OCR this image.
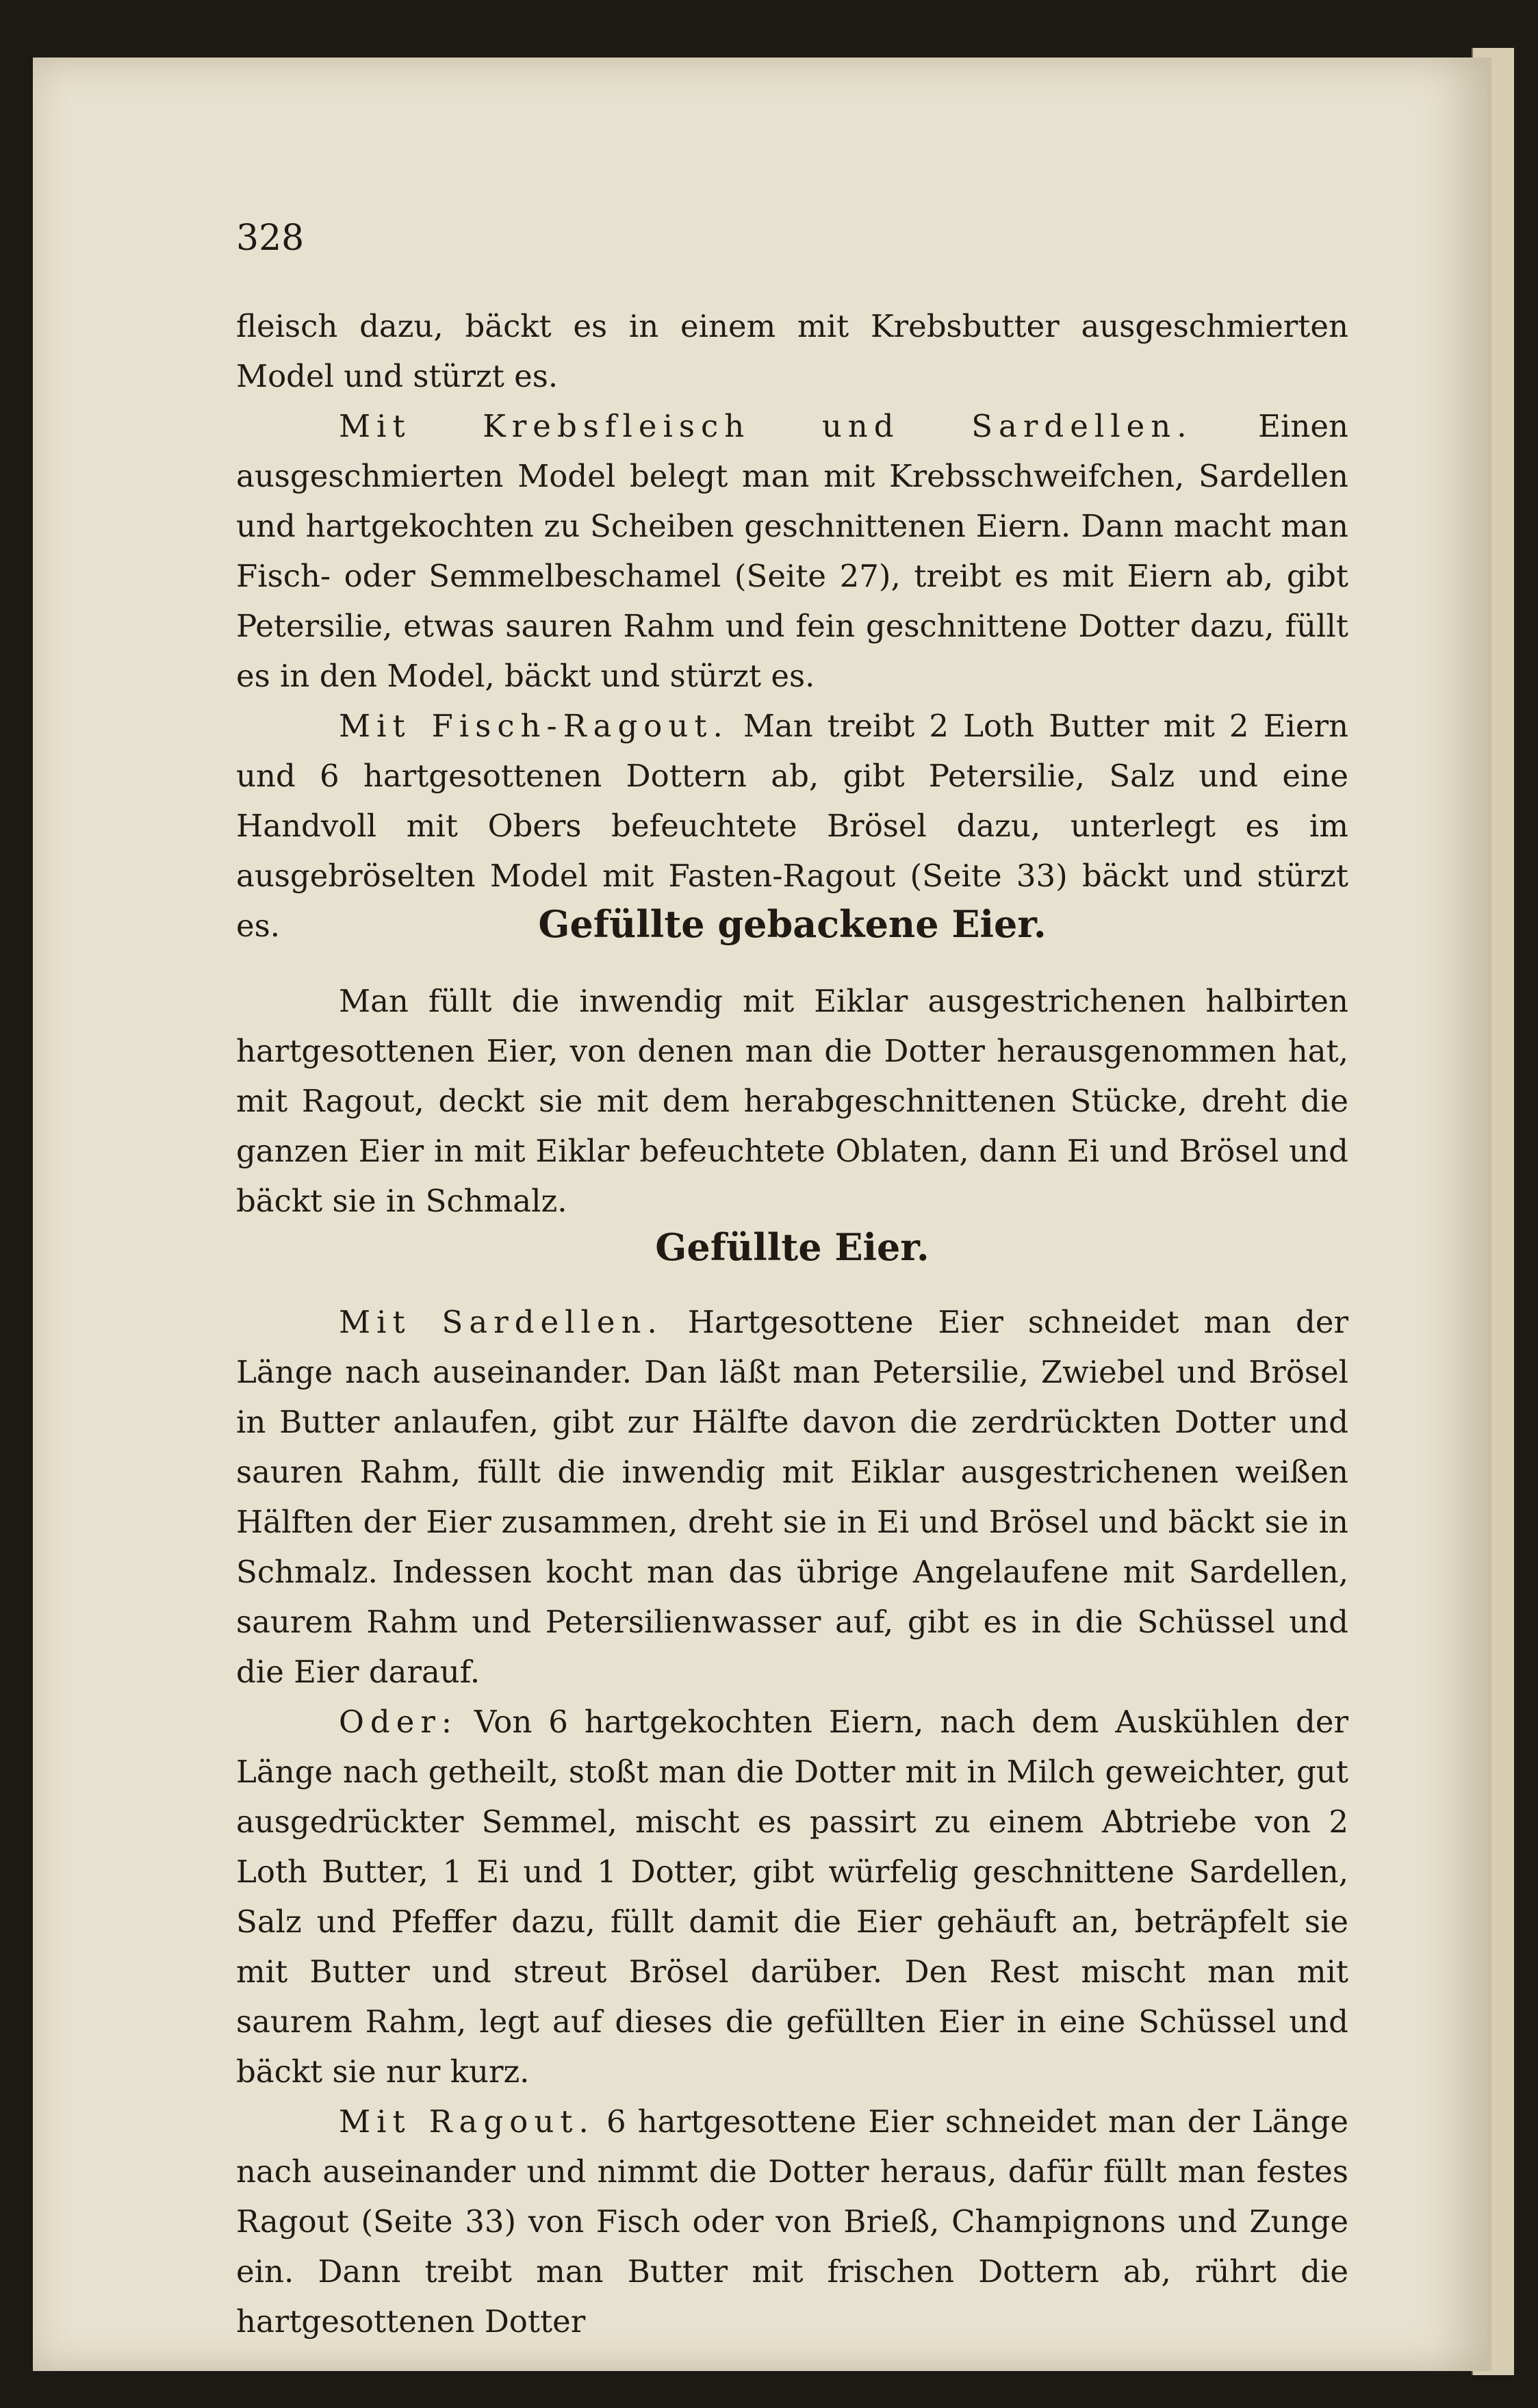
328

fleisch dazu, bäckt es in einem mit Krebsbutter ausgeschmierten Model und stürzt es.

Mit Krebsfleisch und Sardellen. Einen ausgeschmierten Model belegt man mit Krebsschweifchen, Sardellen und hartgekochten zu Scheiben geschnittenen Eiern. Dann macht man Fisch- oder Semmelbeschamel (Seite 27), treibt es mit Eiern ab, gibt Petersilie, etwas sauren Rahm und fein geschnittene Dotter dazu, füllt es in den Model, bäckt und stürzt es.

Mit Fisch-Ragout. Man treibt 2 Loth Butter mit 2 Eiern und 6 hartgesottenen Dottern ab, gibt Petersilie, Salz und eine Handvoll mit Obers befeuchtete Brösel dazu, unterlegt es im ausgebröselten Model mit Fasten-Ragout (Seite 33) bäckt und stürzt es.	Gefüllte gebackene Eier.

Man füllt die inwendig mit Eiklar ausgestrichenen halbirten hartgesottenen Eier, von denen man die Dotter herausgenommen hat, mit Ragout, deckt sie mit dem herabgeschnittenen Stücke, dreht die ganzen Eier in mit Eiklar befeuchtete Oblaten, dann Ei und Brösel und bäckt sie in Schmalz.

Gefüllte Eier.

Mit Sardellen. Hartgesottene Eier schneidet man der Länge nach auseinander. Dan läßt man Petersilie, Zwiebel und Brösel in Butter anlaufen, gibt zur Hälfte davon die zerdrückten Dotter und sauren Rahm, füllt die inwendig mit Eiklar ausgestrichenen weißen Hälften der Eier zusammen, dreht sie in Ei und Brösel und bäckt sie in Schmalz. Indessen kocht man das übrige Angelaufene mit Sardellen, saurem Rahm und Petersilienwasser auf, gibt es in die Schüssel und die Eier darauf.

Oder: Von 6 hartgekochten Eiern, nach dem Auskühlen der Länge nach getheilt, stoßt man die Dotter mit in Milch geweichter, gut ausgedrückter Semmel, mischt es passirt zu einem Abtriebe von 2 Loth Butter, 1 Ei und 1 Dotter, gibt würfelig geschnittene Sardellen, Salz und Pfeffer dazu, füllt damit die Eier gehäuft an, beträpfelt sie mit Butter und streut Brösel darüber. Den Rest mischt man mit saurem Rahm, legt auf dieses die gefüllten Eier in eine Schüssel und bäckt sie nur kurz.

Mit Ragout. 6 hartgesottene Eier schneidet man der Länge nach auseinander und nimmt die Dotter heraus, dafür füllt man festes Ragout (Seite 33) von Fisch oder von Brieß, Champignons und Zunge ein. Dann treibt man Butter mit frischen Dottern ab, rührt die hartgesottenen Dotter
